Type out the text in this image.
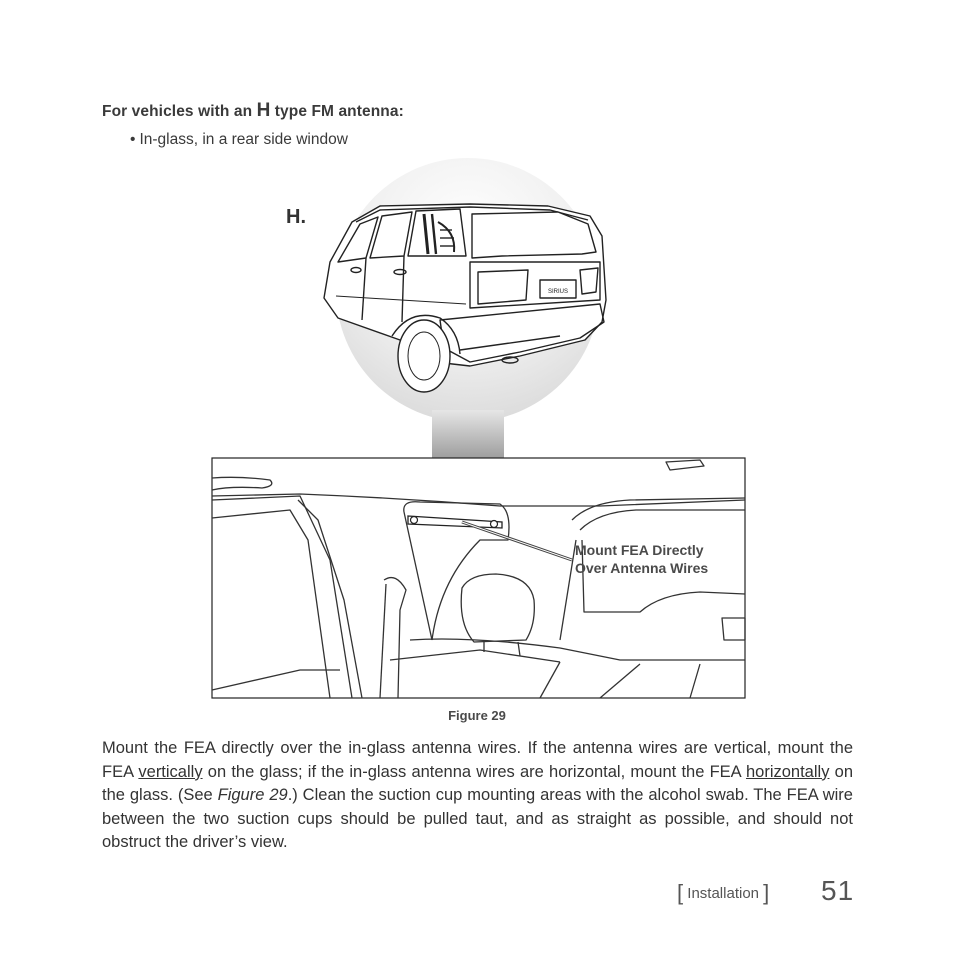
For vehicles with an H type FM antenna:
• In-glass, in a rear side window
SIRIUS
H.
Mount FEA Directly
Over Antenna Wires
Figure 29

Mount the FEA directly over the in-glass antenna wires. If the antenna wires are vertical, mount the FEA vertically on the glass; if the in-glass antenna wires are horizontal, mount the FEA horizontally on the glass. (See Figure 29.) Clean the suction cup mounting areas with the alcohol swab. The FEA wire between the two suction cups should be pulled taut, and as straight as possible, and should not obstruct the driver’s view.

[ Installation ] 51
